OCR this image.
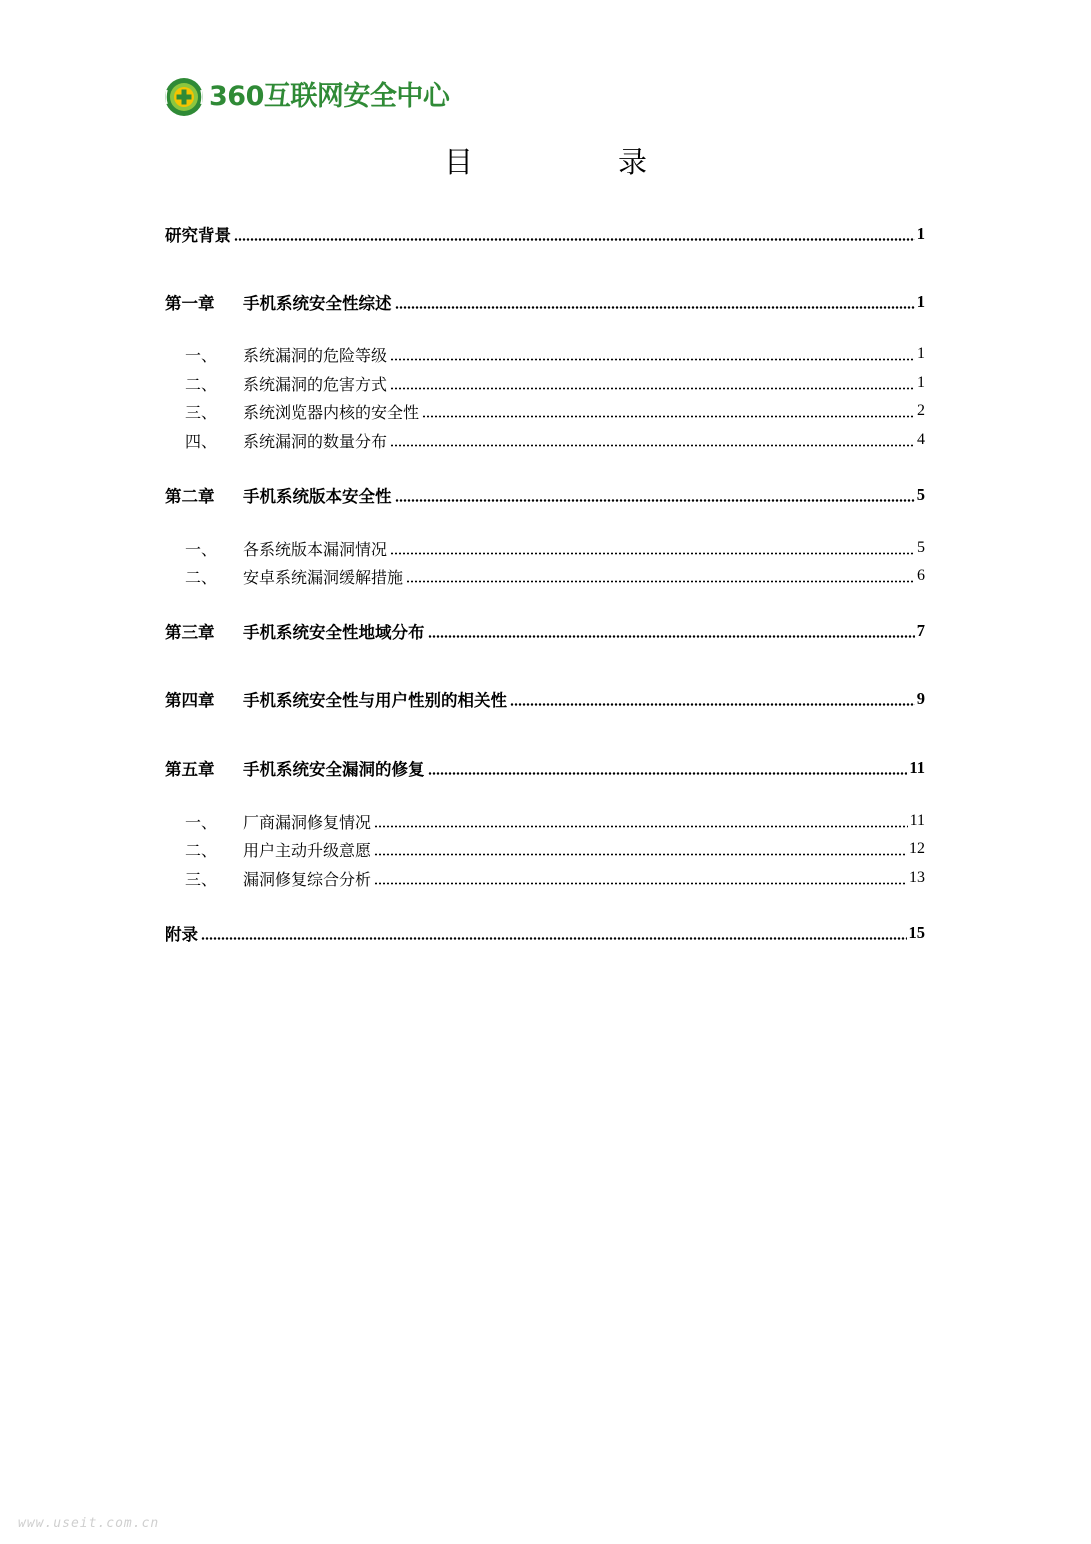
360互联网安全中心
目　录
研究背景	1
第一章	手机系统安全性综述	1
一、	系统漏洞的危险等级	1
二、	系统漏洞的危害方式	1
三、	系统浏览器内核的安全性	2
四、	系统漏洞的数量分布	4
第二章	手机系统版本安全性	5
一、	各系统版本漏洞情况	5
二、	安卓系统漏洞缓解措施	6
第三章	手机系统安全性地域分布	7
第四章	手机系统安全性与用户性别的相关性	9
第五章	手机系统安全漏洞的修复	11
一、	厂商漏洞修复情况	11
二、	用户主动升级意愿	12
三、	漏洞修复综合分析	13
附录	15
www.useit.com.cn
